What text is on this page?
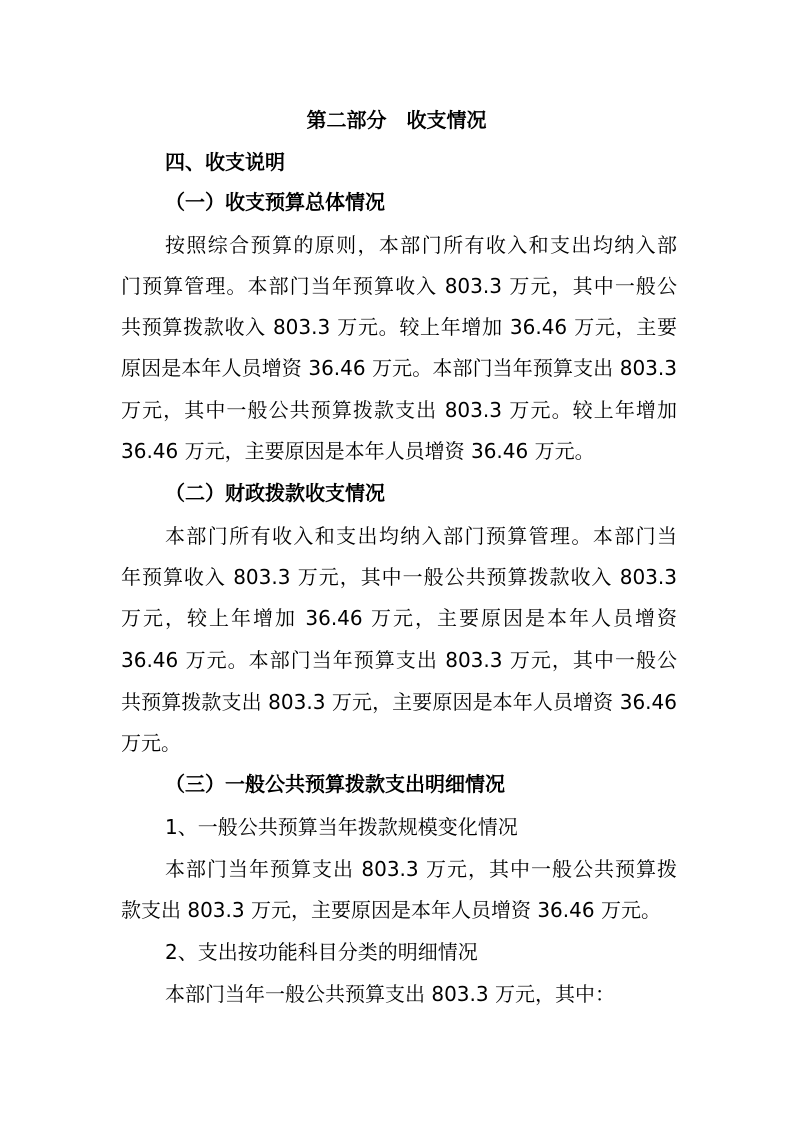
第二部分　收支情况
四、收支说明
（一）收支预算总体情况
按照综合预算的原则，本部门所有收入和支出均纳入部
门预算管理。本部门当年预算收入 803.3 万元，其中一般公
共预算拨款收入 803.3 万元。较上年增加 36.46 万元，主要
原因是本年人员增资 36.46 万元。本部门当年预算支出 803.3
万元，其中一般公共预算拨款支出 803.3 万元。较上年增加
36.46 万元，主要原因是本年人员增资 36.46 万元。
（二）财政拨款收支情况
本部门所有收入和支出均纳入部门预算管理。本部门当
年预算收入 803.3 万元，其中一般公共预算拨款收入 803.3
万元，较上年增加 36.46 万元，主要原因是本年人员增资
36.46 万元。本部门当年预算支出 803.3 万元，其中一般公
共预算拨款支出 803.3 万元，主要原因是本年人员增资 36.46
万元。
（三）一般公共预算拨款支出明细情况
1、一般公共预算当年拨款规模变化情况
本部门当年预算支出 803.3 万元，其中一般公共预算拨
款支出 803.3 万元，主要原因是本年人员增资 36.46 万元。
2、支出按功能科目分类的明细情况
本部门当年一般公共预算支出 803.3 万元，其中：
